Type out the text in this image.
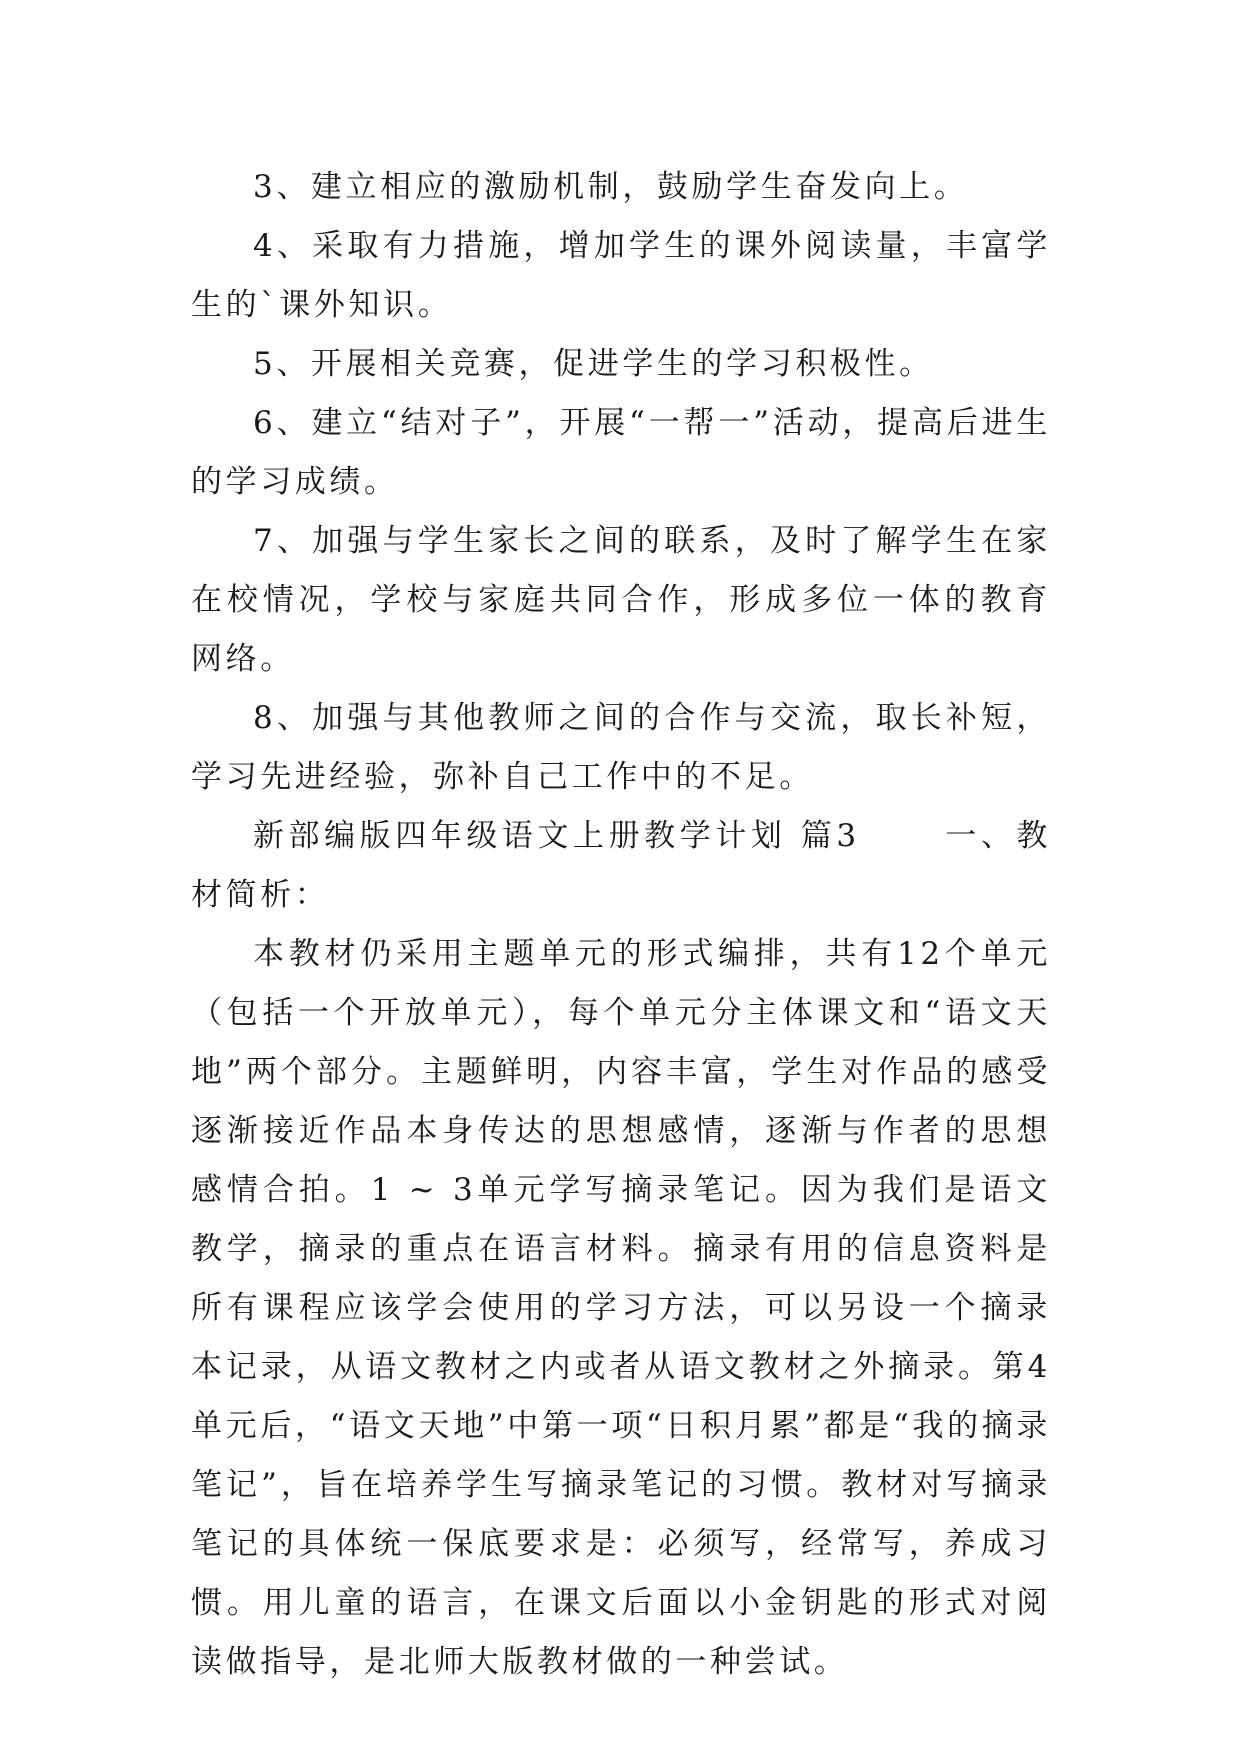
3、建立相应的激励机制，鼓励学生奋发向上。

4、采取有力措施，增加学生的课外阅读量，丰富学生的`课外知识。

5、开展相关竞赛，促进学生的学习积极性。

6、建立“结对子”，开展“一帮一”活动，提高后进生的学习成绩。

7、加强与学生家长之间的联系，及时了解学生在家在校情况，学校与家庭共同合作，形成多位一体的教育网络。

8、加强与其他教师之间的合作与交流，取长补短，学习先进经验，弥补自己工作中的不足。

新部编版四年级语文上册教学计划 篇3 　　一、教材简析：

本教材仍采用主题单元的形式编排，共有12个单元（包括一个开放单元），每个单元分主体课文和“语文天地”两个部分。主题鲜明，内容丰富，学生对作品的感受逐渐接近作品本身传达的思想感情，逐渐与作者的思想感情合拍。1 ~ 3单元学写摘录笔记。因为我们是语文教学，摘录的重点在语言材料。摘录有用的信息资料是所有课程应该学会使用的学习方法，可以另设一个摘录本记录，从语文教材之内或者从语文教材之外摘录。第4单元后，“语文天地”中第一项“日积月累”都是“我的摘录笔记”，旨在培养学生写摘录笔记的习惯。教材对写摘录笔记的具体统一保底要求是：必须写，经常写，养成习惯。用儿童的语言，在课文后面以小金钥匙的形式对阅读做指导，是北师大版教材做的一种尝试。
